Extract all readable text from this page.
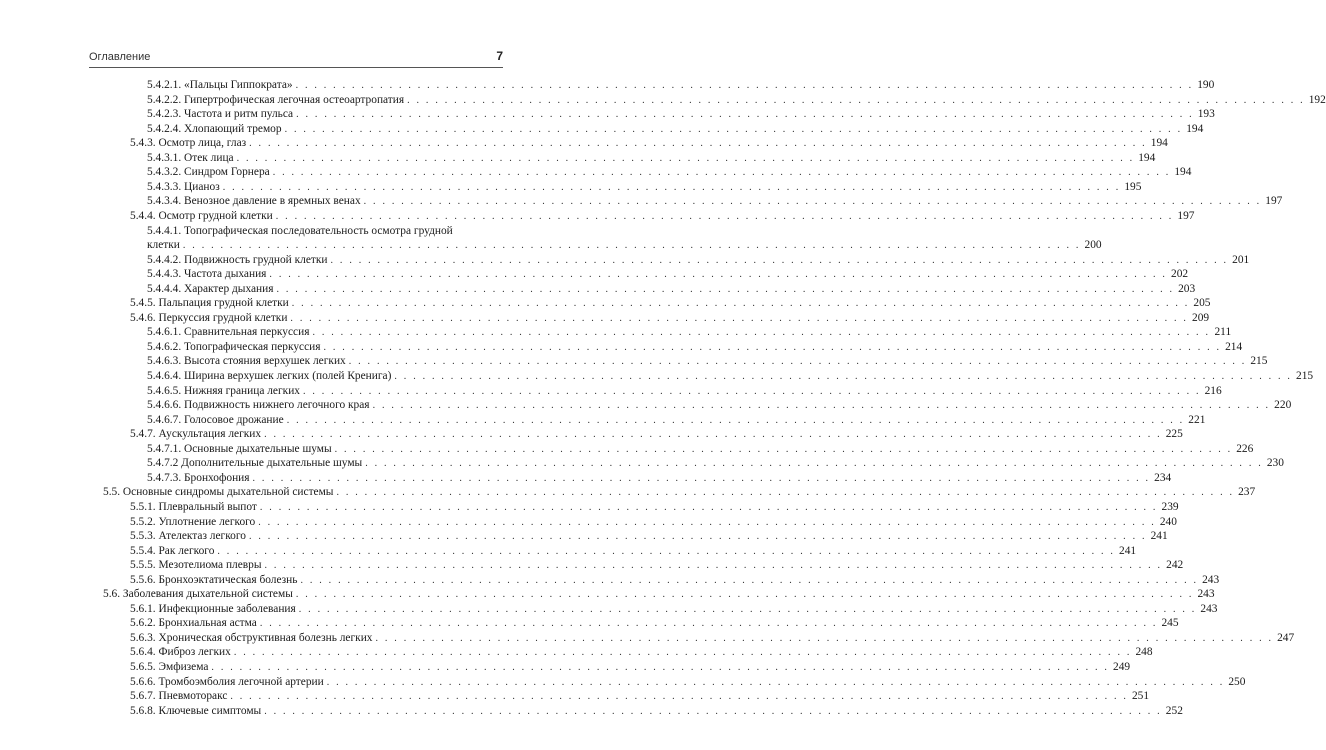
Оглавление	7
5.4.2.1. «Пальцы Гиппократа» . . .	190
5.4.2.2. Гипертрофическая легочная остеоартропатия . . .	192
5.4.2.3. Частота и ритм пульса . . .	193
5.4.2.4. Хлопающий тремор . . .	194
5.4.3. Осмотр лица, глаз . . .	194
5.4.3.1. Отек лица . . .	194
5.4.3.2. Синдром Горнера . . .	194
5.4.3.3. Цианоз . . .	195
5.4.3.4. Венозное давление в яремных венах . . .	197
5.4.4. Осмотр грудной клетки . . .	197
5.4.4.1. Топографическая последовательность осмотра грудной
клетки . . .	200
5.4.4.2. Подвижность грудной клетки . . .	201
5.4.4.3. Частота дыхания . . .	202
5.4.4.4. Характер дыхания . . .	203
5.4.5. Пальпация грудной клетки . . .	205
5.4.6. Перкуссия грудной клетки . . .	209
5.4.6.1. Сравнительная перкуссия . . .	211
5.4.6.2. Топографическая перкуссия . . .	214
5.4.6.3. Высота стояния верхушек легких . . .	215
5.4.6.4. Ширина верхушек легких (полей Кренига) . . .	215
5.4.6.5. Нижняя граница легких . . .	216
5.4.6.6. Подвижность нижнего легочного края . . .	220
5.4.6.7. Голосовое дрожание . . .	221
5.4.7. Аускультация легких . . .	225
5.4.7.1. Основные дыхательные шумы . . .	226
5.4.7.2 Дополнительные дыхательные шумы . . .	230
5.4.7.3. Бронхофония . . .	234
5.5. Основные синдромы дыхательной системы . . .	237
5.5.1. Плевральный выпот . . .	239
5.5.2. Уплотнение легкого . . .	240
5.5.3. Ателектаз легкого . . .	241
5.5.4. Рак легкого . . .	241
5.5.5. Мезотелиома плевры . . .	242
5.5.6. Бронхоэктатическая болезнь . . .	243
5.6. Заболевания дыхательной системы . . .	243
5.6.1. Инфекционные заболевания . . .	243
5.6.2. Бронхиальная астма . . .	245
5.6.3. Хроническая обструктивная болезнь легких . . .	247
5.6.4. Фиброз легких . . .	248
5.6.5. Эмфизема . . .	249
5.6.6. Тромбоэмболия легочной артерии . . .	250
5.6.7. Пневмоторакс . . .	251
5.6.8. Ключевые симптомы . . .	252
